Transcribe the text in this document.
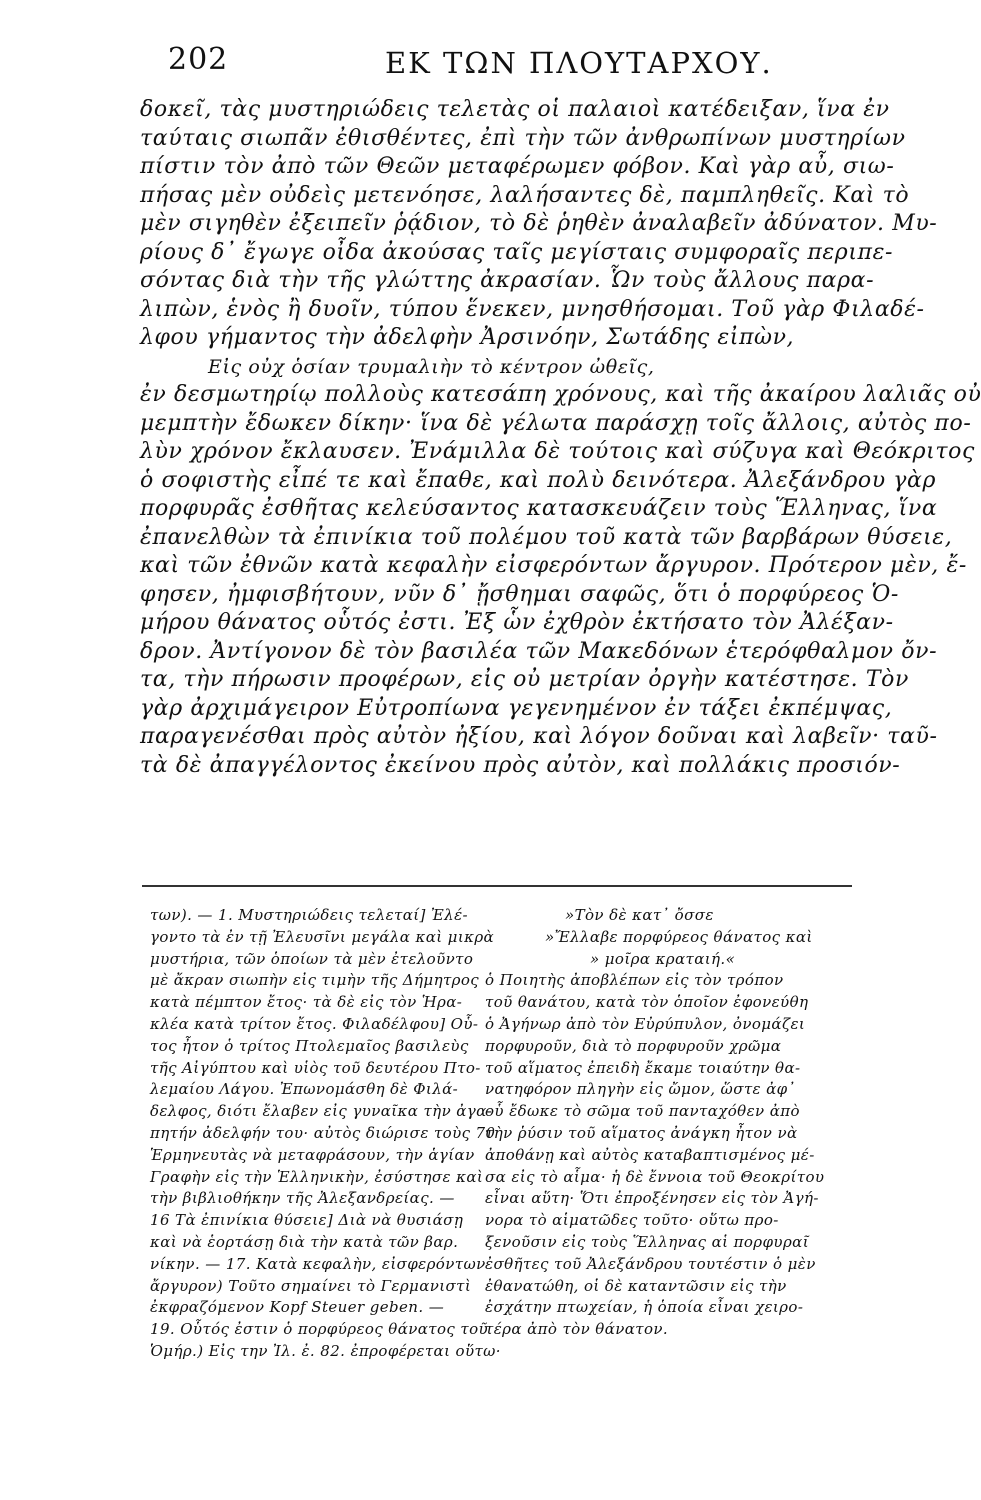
202	ΕΚ ΤΩΝ ΠΛΟΥΤΑΡΧΟΥ.
δοκεῖ, τὰς μυστηριώδεις τελετὰς οἱ παλαιοὶ κατέδειξαν, ἵνα ἐν
ταύταις σιωπᾶν ἐθισθέντες, ἐπὶ τὴν τῶν ἀνθρωπίνων μυστηρίων
πίστιν τὸν ἀπὸ τῶν Θεῶν μεταφέρωμεν φόβον. Καὶ γὰρ αὖ, σιω-
πήσας μὲν οὐδεὶς μετενόησε, λαλήσαντες δὲ, παμπληθεῖς. Καὶ τὸ
μὲν σιγηθὲν ἐξειπεῖν ῥᾴδιον, τὸ δὲ ῥηθὲν ἀναλαβεῖν ἀδύνατον. Μυ-
ρίους δ᾽ ἔγωγε οἶδα ἀκούσας ταῖς μεγίσταις συμφοραῖς περιπε-
σόντας διὰ τὴν τῆς γλώττης ἀκρασίαν. Ὧν τοὺς ἄλλους παρα-
λιπὼν, ἑνὸς ἢ δυοῖν, τύπου ἕνεκεν, μνησθήσομαι. Τοῦ γὰρ Φιλαδέ-
λφου γήμαντος τὴν ἀδελφὴν Ἀρσινόην, Σωτάδης εἰπὼν,
Εἰς οὐχ ὁσίαν τρυμαλιὴν τὸ κέντρον ὠθεῖς,
ἐν δεσμωτηρίῳ πολλοὺς κατεσάπη χρόνους, καὶ τῆς ἀκαίρου λαλιᾶς οὐ
μεμπτὴν ἔδωκεν δίκην· ἵνα δὲ γέλωτα παράσχῃ τοῖς ἄλλοις, αὐτὸς πο-
λὺν χρόνον ἔκλαυσεν. Ἐνάμιλλα δὲ τούτοις καὶ σύζυγα καὶ Θεόκριτος
ὁ σοφιστὴς εἶπέ τε καὶ ἔπαθε, καὶ πολὺ δεινότερα. Ἀλεξάνδρου γὰρ
πορφυρᾶς ἐσθῆτας κελεύσαντος κατασκευάζειν τοὺς Ἕλληνας, ἵνα
ἐπανελθὼν τὰ ἐπινίκια τοῦ πολέμου τοῦ κατὰ τῶν βαρβάρων θύσειε,
καὶ τῶν ἐθνῶν κατὰ κεφαλὴν εἰσφερόντων ἄργυρον. Πρότερον μὲν, ἔ-
φησεν, ἠμφισβήτουν, νῦν δ᾽ ᾔσθημαι σαφῶς, ὅτι ὁ πορφύρεος Ὁ-
μήρου θάνατος οὗτός ἐστι. Ἐξ ὧν ἐχθρὸν ἐκτήσατο τὸν Ἀλέξαν-
δρον. Ἀντίγονον δὲ τὸν βασιλέα τῶν Μακεδόνων ἑτερόφθαλμον ὄν-
τα, τὴν πήρωσιν προφέρων, εἰς οὐ μετρίαν ὀργὴν κατέστησε. Τὸν
γὰρ ἀρχιμάγειρον Εὐτροπίωνα γεγενημένον ἐν τάξει ἐκπέμψας,
παραγενέσθαι πρὸς αὐτὸν ἠξίου, καὶ λόγον δοῦναι καὶ λαβεῖν· ταῦ-
τὰ δὲ ἀπαγγέλοντος ἐκείνου πρὸς αὐτὸν, καὶ πολλάκις προσιόν-
των). — 1. Μυστηριώδεις τελεταί] Ἐλέ-
γοντο τὰ ἐν τῇ Ἐλευσῖνι μεγάλα καὶ μικρὰ
μυστήρια, τῶν ὁποίων τὰ μὲν ἐτελοῦντο
μὲ ἄκραν σιωπὴν εἰς τιμὴν τῆς Δήμητρος
κατὰ πέμπτον ἔτος· τὰ δὲ εἰς τὸν Ἡρα-
κλέα κατὰ τρίτον ἔτος. Φιλαδέλφου] Οὗ-
τος ἦτον ὁ τρίτος Πτολεμαῖος βασιλεὺς
τῆς Αἰγύπτου καὶ υἱὸς τοῦ δευτέρου Πτο-
λεμαίου Λάγου. Ἐπωνομάσθη δὲ Φιλά-
δελφος, διότι ἔλαβεν εἰς γυναῖκα τὴν ἀγα-
πητήν ἀδελφήν του· αὐτὸς διώρισε τοὺς 70
Ἑρμηνευτὰς νὰ μεταφράσουν, τὴν ἁγίαν
Γραφὴν εἰς τὴν Ἑλληνικὴν, ἐσύστησε καὶ
τὴν βιβλιοθήκην τῆς Ἀλεξανδρείας. —
16 Τὰ ἐπινίκια θύσειε] Διὰ νὰ θυσιάσῃ
καὶ νὰ ἑορτάσῃ διὰ τὴν κατὰ τῶν βαρ.
νίκην. — 17. Κατὰ κεφαλὴν, εἰσφερόντων
ἄργυρον) Τοῦτο σημαίνει τὸ Γερμανιστὶ
ἐκφραζόμενον Kopf Steuer geben. —
19. Οὗτός ἐστιν ὁ πορφύρεος θάνατος τοῦ
Ὁμήρ.) Εἰς την Ἰλ. ἐ. 82. ἐπροφέρεται οὕτω·
»Τὸν δὲ κατ᾽ ὄσσε
»Ἔλλαβε πορφύρεος θάνατος καὶ
» μοῖρα κραταιή.«
ὁ Ποιητὴς ἀποβλέπων εἰς τὸν τρόπον
τοῦ θανάτου, κατὰ τὸν ὁποῖον ἐφονεύθη
ὁ Ἀγήνωρ ἀπὸ τὸν Εὐρύπυλον, ὀνομάζει
πορφυροῦν, διὰ τὸ πορφυροῦν χρῶμα
τοῦ αἵματος ἐπειδὴ ἔκαμε τοιαύτην θα-
νατηφόρον πληγὴν εἰς ὤμον, ὥστε ἀφ᾽
οὗ ἔδωκε τὸ σῶμα τοῦ πανταχόθεν ἀπὸ
τὴν ῥύσιν τοῦ αἵματος ἀνάγκη ἦτον νὰ
ἀποθάνῃ καὶ αὐτὸς καταβαπτισμένος μέ-
σα εἰς τὸ αἷμα· ἡ δὲ ἔννοια τοῦ Θεοκρίτου
εἶναι αὕτη· Ὅτι ἐπροξένησεν εἰς τὸν Ἀγή-
νορα τὸ αἱματῶδες τοῦτο· οὕτω προ-
ξενοῦσιν εἰς τοὺς Ἕλληνας αἱ πορφυραῖ
ἐσθῆτες τοῦ Ἀλεξάνδρου τουτέστιν ὁ μὲν
ἐθανατώθη, οἱ δὲ καταντῶσιν εἰς τὴν
ἐσχάτην πτωχείαν, ἡ ὁποία εἶναι χειρο-
τέρα ἀπὸ τὸν θάνατον.
